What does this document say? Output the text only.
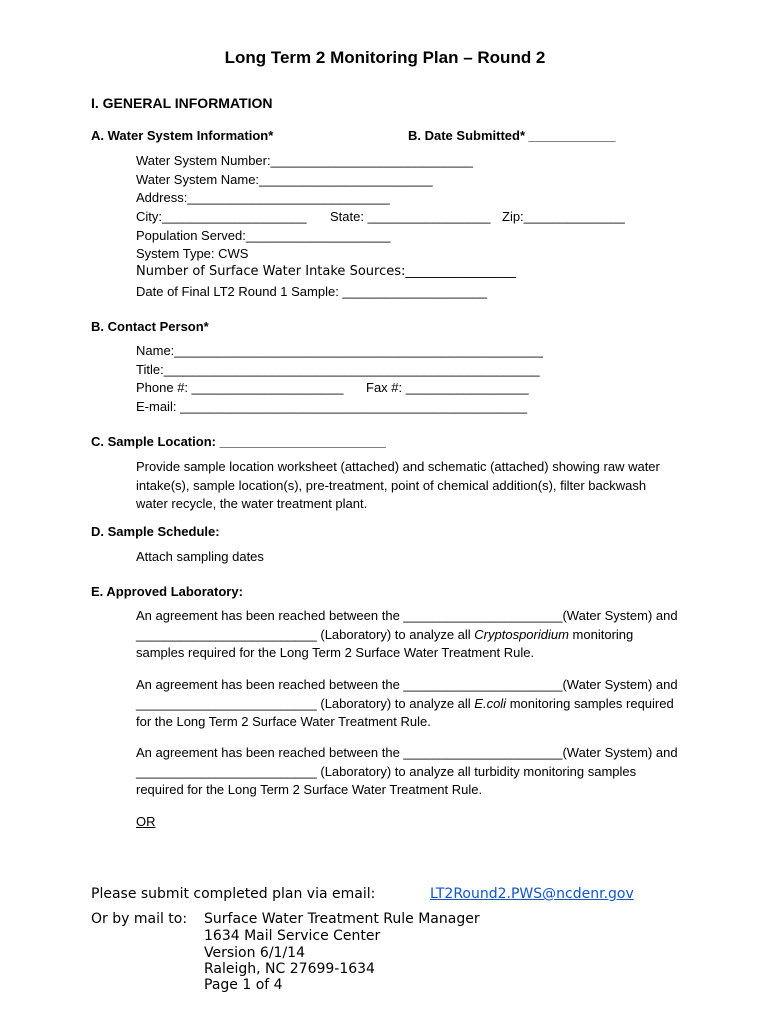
Long Term 2 Monitoring Plan – Round 2
I. GENERAL INFORMATION
A. Water System Information*	B. Date Submitted* ____________
Water System Number:____________________________
Water System Name:________________________
Address:____________________________
City:____________________ State: _________________ Zip:______________
Population Served:____________________
System Type: CWS
Number of Surface Water Intake Sources:_________________
Date of Final LT2 Round 1 Sample: ____________________
B. Contact Person*
Name:___________________________________________________
Title:____________________________________________________
Phone #: _____________________ Fax #: _________________
E-mail: ________________________________________________
C. Sample Location: _______________________
Provide sample location worksheet (attached) and schematic (attached) showing raw water intake(s), sample location(s), pre-treatment, point of chemical addition(s), filter backwash water recycle, the water treatment plant.
D. Sample Schedule:
Attach sampling dates
E. Approved Laboratory:
An agreement has been reached between the ______________________(Water System) and _________________________ (Laboratory) to analyze all Cryptosporidium monitoring samples required for the Long Term 2 Surface Water Treatment Rule.
An agreement has been reached between the ______________________(Water System) and _________________________ (Laboratory) to analyze all E.coli monitoring samples required for the Long Term 2 Surface Water Treatment Rule.
An agreement has been reached between the ______________________(Water System) and _________________________ (Laboratory) to analyze all turbidity monitoring samples required for the Long Term 2 Surface Water Treatment Rule.
OR
Please submit completed plan via email:	LT2Round2.PWS@ncdenr.gov
Or by mail to: Surface Water Treatment Rule Manager
1634 Mail Service Center
Version 6/1/14
Raleigh, NC 27699-1634
Page 1 of 4
